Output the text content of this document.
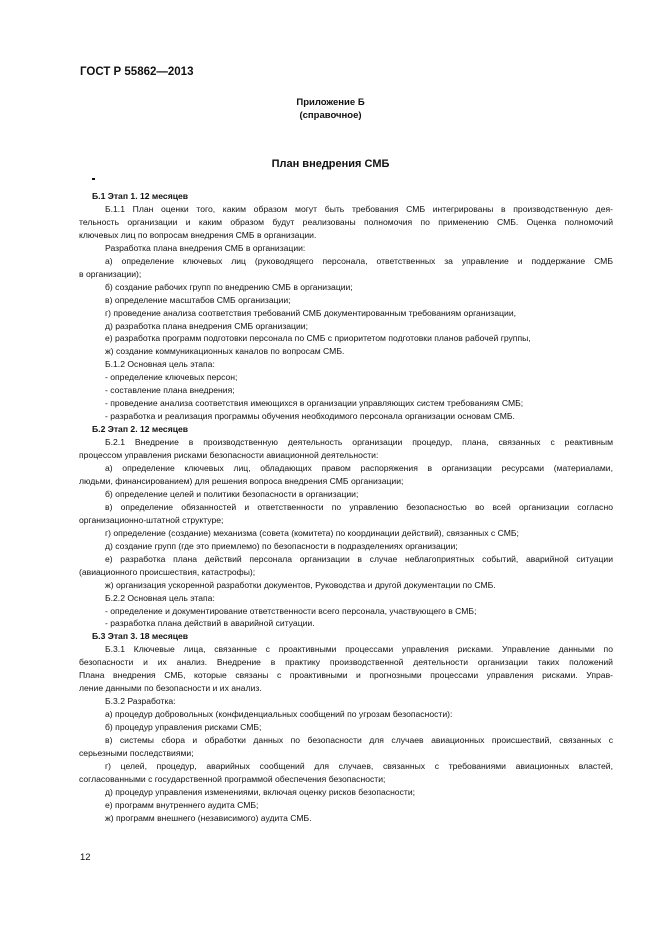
ГОСТ Р 55862—2013
Приложение Б
(справочное)
План внедрения СМБ

Б.1 Этап 1. 12 месяцев

Б.1.1 План оценки того, каким образом могут быть требования СМБ интегрированы в производственную дея-

тельность организации и каким образом будут реализованы полномочия по применению СМБ. Оценка полномочий

ключевых лиц по вопросам внедрения СМБ в организации.

Разработка плана внедрения СМБ в организации:

а) определение ключевых лиц (руководящего персонала, ответственных за управление и поддержание СМБ

в организации);

б) создание рабочих групп по внедрению СМБ в организации;

в) определение масштабов СМБ организации;

г) проведение анализа соответствия требований СМБ документированным требованиям организации,

д) разработка плана внедрения СМБ организации;

е) разработка программ подготовки персонала по СМБ с приоритетом подготовки планов рабочей группы,

ж) создание коммуникационных каналов по вопросам СМБ.

Б.1.2 Основная цель этапа:

- определение ключевых персон;

- составление плана внедрения;

- проведение анализа соответствия имеющихся в организации управляющих систем требованиям СМБ;

- разработка и реализация программы обучения необходимого персонала организации основам СМБ.

Б.2 Этап 2. 12 месяцев

Б.2.1 Внедрение в производственную деятельность организации процедур, плана, связанных с реактивным

процессом управления рисками безопасности авиационной деятельности:

а) определение ключевых лиц, обладающих правом распоряжения в организации ресурсами (материалами,

людьми, финансированием) для решения вопроса внедрения СМБ организации;

б) определение целей и политики безопасности в организации;

в) определение обязанностей и ответственности по управлению безопасностью во всей организации согласно

организационно-штатной структуре;

г) определение (создание) механизма (совета (комитета) по координации действий), связанных с СМБ;

д) создание групп (где это приемлемо) по безопасности в подразделениях организации;

е) разработка плана действий персонала организации в случае неблагоприятных событий, аварийной ситуации

(авиационного происшествия, катастрофы);

ж) организация ускоренной разработки документов, Руководства и другой документации по СМБ.

Б.2.2 Основная цель этапа:

- определение и документирование ответственности всего персонала, участвующего в СМБ;

- разработка плана действий в аварийной ситуации.

Б.3 Этап 3. 18 месяцев

Б.3.1 Ключевые лица, связанные с проактивными процессами управления рисками. Управление данными по

безопасности и их анализ. Внедрение в практику производственной деятельности организации таких положений

Плана внедрения СМБ, которые связаны с проактивными и прогнозными процессами управления рисками. Управ-

ление данными по безопасности и их анализ.

Б.3.2 Разработка:

а) процедур добровольных (конфиденциальных сообщений по угрозам безопасности):

б) процедур управления рисками СМБ;

в) системы сбора и обработки данных по безопасности для случаев авиационных происшествий, связанных с

серьезными последствиями;

г) целей, процедур, аварийных сообщений для случаев, связанных с требованиями авиационных властей,

согласованными с государственной программой обеспечения безопасности;

д) процедур управления изменениями, включая оценку рисков безопасности;

е) программ внутреннего аудита СМБ;

ж) программ внешнего (независимого) аудита СМБ.

12
